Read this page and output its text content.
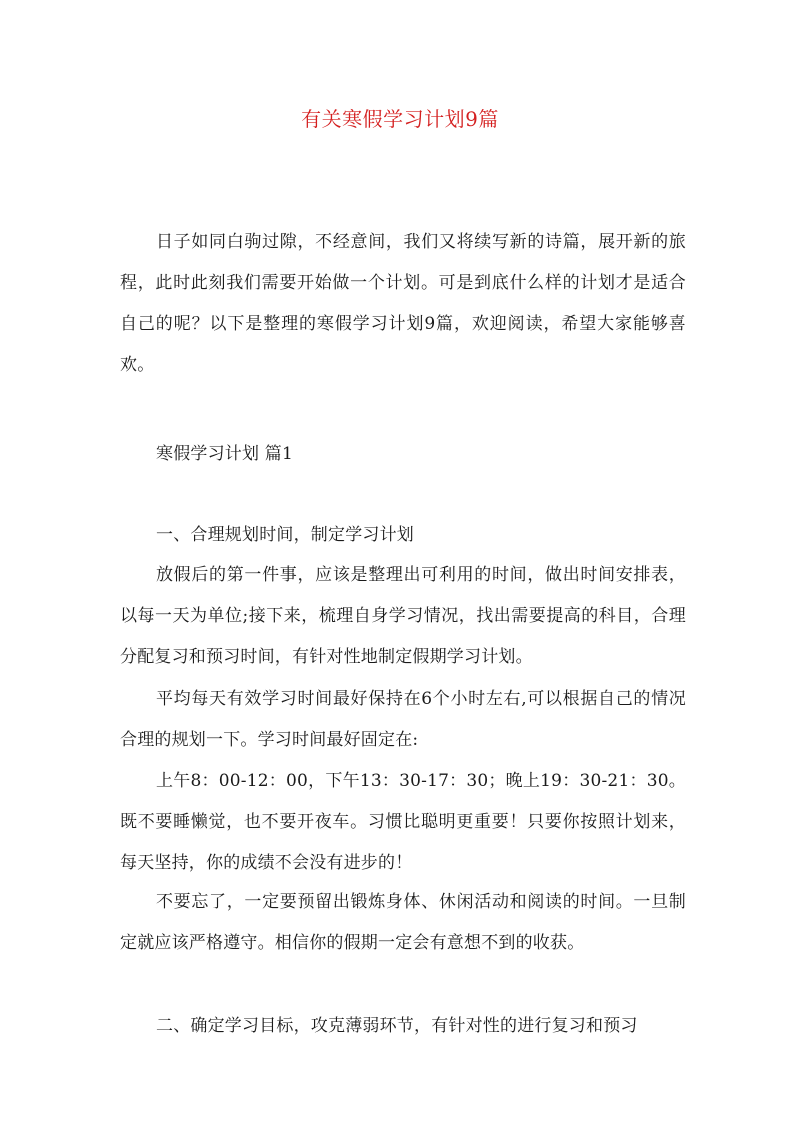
有关寒假学习计划9篇

日子如同白驹过隙，不经意间，我们又将续写新的诗篇，展开新的旅程，此时此刻我们需要开始做一个计划。可是到底什么样的计划才是适合自己的呢？以下是整理的寒假学习计划9篇，欢迎阅读，希望大家能够喜欢。

寒假学习计划 篇1

一、合理规划时间，制定学习计划

放假后的第一件事，应该是整理出可利用的时间，做出时间安排表，以每一天为单位;接下来，梳理自身学习情况，找出需要提高的科目，合理分配复习和预习时间，有针对性地制定假期学习计划。

平均每天有效学习时间最好保持在6个小时左右,可以根据自己的情况合理的规划一下。学习时间最好固定在:

上午8：00-12：00，下午13：30-17：30；晚上19：30-21：30。既不要睡懒觉，也不要开夜车。习惯比聪明更重要！只要你按照计划来，每天坚持，你的成绩不会没有进步的！

不要忘了，一定要预留出锻炼身体、休闲活动和阅读的时间。一旦制定就应该严格遵守。相信你的假期一定会有意想不到的收获。

二、确定学习目标，攻克薄弱环节，有针对性的进行复习和预习
